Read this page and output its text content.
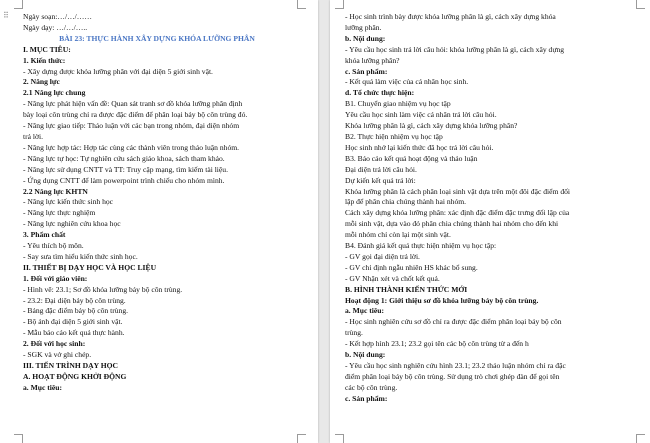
⠿ Ngày soạn:…/…/……
Ngày dạy: …/…/…..
BÀI 23: THỰC HÀNH XÂY DỰNG KHÓA LƯỠNG PHÂN
I. MỤC TIÊU:
1. Kiến thức:
- Xây dựng được khóa lưỡng phân với đại diện 5 giới sinh vật.
2. Năng lực
2.1 Năng lực chung
- Năng lực phát hiện vấn đề: Quan sát tranh sơ đồ khóa lưỡng phân định
bày loại côn trùng chỉ ra được đặc điểm để phân loại bảy bộ côn trùng đó.
- Năng lực giao tiếp: Thảo luận với các bạn trong nhóm, đại diện nhóm
trả lời.
- Năng lực hợp tác: Hợp tác cùng các thành viên trong thảo luận nhóm.
- Năng lực tự học: Tự nghiên cứu sách giáo khoa, sách tham khảo.
- Năng lực sử dụng CNTT và TT: Truy cập mạng, tìm kiếm tài liệu.
- Ứng dụng CNTT để làm powerpoint trình chiếu cho nhóm mình.
2.2 Năng lực KHTN
- Năng lực kiến thức sinh học
- Năng lực thực nghiệm
- Năng lực nghiên cứu khoa học
3. Phẩm chất
- Yêu thích bộ môn.
- Say sưa tìm hiểu kiến thức sinh học.
II. THIẾT BỊ DẠY HỌC VÀ HỌC LIỆU
1. Đối với giáo viên:
- Hình vẽ: 23.1; Sơ đồ khóa lưỡng bảy bộ côn trùng.
- 23.2: Đại diện bảy bộ côn trùng.
- Bảng đặc điểm bảy bộ côn trùng.
- Bộ ảnh đại diện 5 giới sinh vật.
- Mẫu báo cáo kết quả thực hành.
2. Đối với học sinh:
- SGK và vở ghi chép.
III. TIẾN TRÌNH DẠY HỌC
A. HOẠT ĐỘNG KHỞI ĐỘNG
a. Mục tiêu:
- Học sinh trình bày được khóa lưỡng phân là gì, cách xây dựng khóa
lưỡng phân.
b. Nội dung:
- Yêu cầu học sinh trả lời câu hỏi: khóa lưỡng phân là gì, cách xây dựng
khóa lưỡng phân?
c. Sản phẩm:
- Kết quả làm việc của cá nhân học sinh.
d. Tổ chức thực hiện:
B1. Chuyển giao nhiệm vụ học tập
Yêu cầu học sinh làm việc cá nhân trả lời câu hỏi.
Khóa lưỡng phân là gì, cách xây dựng khóa lưỡng phân?
B2. Thực hiện nhiệm vụ học tập
Học sinh nhớ lại kiến thức đã học trả lời câu hỏi.
B3. Báo cáo kết quả hoạt động và thảo luận
Đại diện trả lời câu hỏi.
Dự kiến kết quả trả lời:
Khóa lưỡng phân là cách phân loại sinh vật dựa trên một đôi đặc điểm đối
lập để phân chia chúng thành hai nhóm.
Cách xây dựng khóa lưỡng phân: xác định đặc điểm đặc trưng đối lập của
mỗi sinh vật, dựa vào đó phân chia chúng thành hai nhóm cho đến khi
mỗi nhóm chỉ còn lại một sinh vật.
B4. Đánh giá kết quả thực hiện nhiệm vụ học tập:
- GV gọi đại diện trả lời.
- GV chỉ định ngẫu nhiên HS khác bổ sung.
- GV Nhận xét và chốt kết quả.
B. HÌNH THÀNH KIẾN THỨC MỚI
Hoạt động 1: Giới thiệu sơ đồ khóa lưỡng bảy bộ côn trùng.
a. Mục tiêu:
- Học sinh nghiên cứu sơ đồ chỉ ra được đặc điểm phân loại bảy bộ côn
trùng.
- Kết hợp hình 23.1; 23.2 gọi tên các bộ côn trùng từ a đến h
b. Nội dung:
- Yêu cầu học sinh nghiên cứu hình 23.1; 23.2 thảo luận nhóm chỉ ra đặc
điểm phân loại bảy bộ côn trùng. Sử dụng trò chơi ghép đàn để gọi tên
các bộ côn trùng.
c. Sản phẩm:
